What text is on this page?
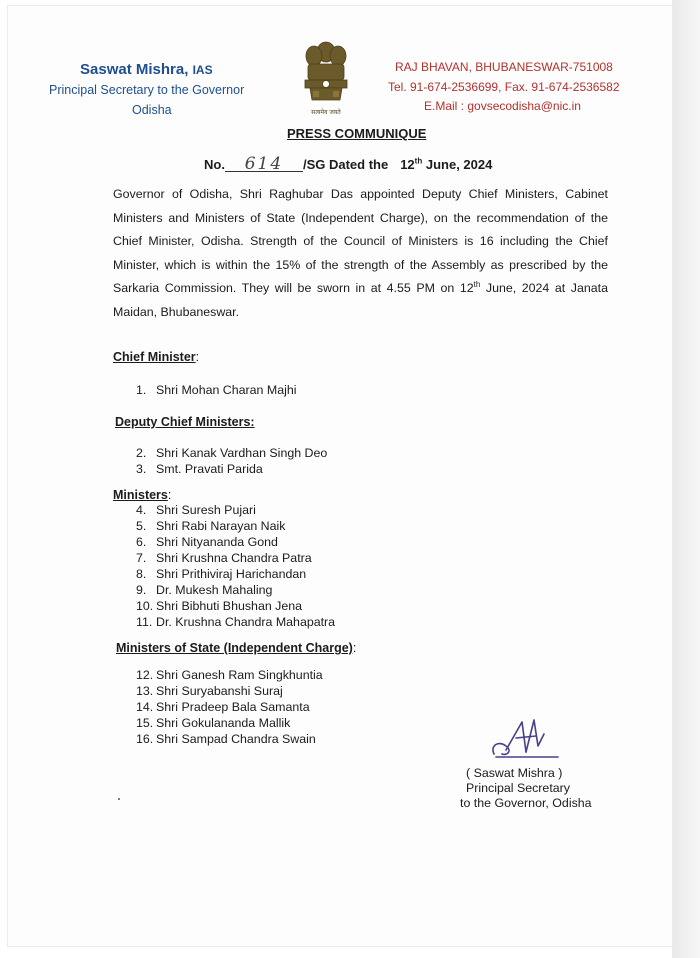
Saswat Mishra, IAS
Principal Secretary to the Governor
Odisha	सत्यमेव जयते
RAJ BHAVAN, BHUBANESWAR-751008
Tel. 91-674-2536699, Fax. 91-674-2536582
E.Mail : govsecodisha@nic.in
PRESS COMMUNIQUE
No. 614 /SG Dated the 12th June, 2024
Governor of Odisha, Shri Raghubar Das appointed Deputy Chief Ministers, Cabinet Ministers and Ministers of State (Independent Charge), on the recommendation of the Chief Minister, Odisha. Strength of the Council of Ministers is 16 including the Chief Minister, which is within the 15% of the strength of the Assembly as prescribed by the Sarkaria Commission. They will be sworn in at 4.55 PM on 12th June, 2024 at Janata Maidan, Bhubaneswar.
Chief Minister:
1. Shri Mohan Charan Majhi
Deputy Chief Ministers:
2. Shri Kanak Vardhan Singh Deo
3. Smt. Pravati Parida
Ministers:
4. Shri Suresh Pujari
5. Shri Rabi Narayan Naik
6. Shri Nityananda Gond
7. Shri Krushna Chandra Patra
8. Shri Prithiviraj Harichandan
9. Dr. Mukesh Mahaling
10. Shri Bibhuti Bhushan Jena
11. Dr. Krushna Chandra Mahapatra
Ministers of State (Independent Charge):
12. Shri Ganesh Ram Singkhuntia
13. Shri Suryabanshi Suraj
14. Shri Pradeep Bala Samanta
15. Shri Gokulananda Mallik
16. Shri Sampad Chandra Swain
( Saswat Mishra )
Principal Secretary
to the Governor, Odisha
